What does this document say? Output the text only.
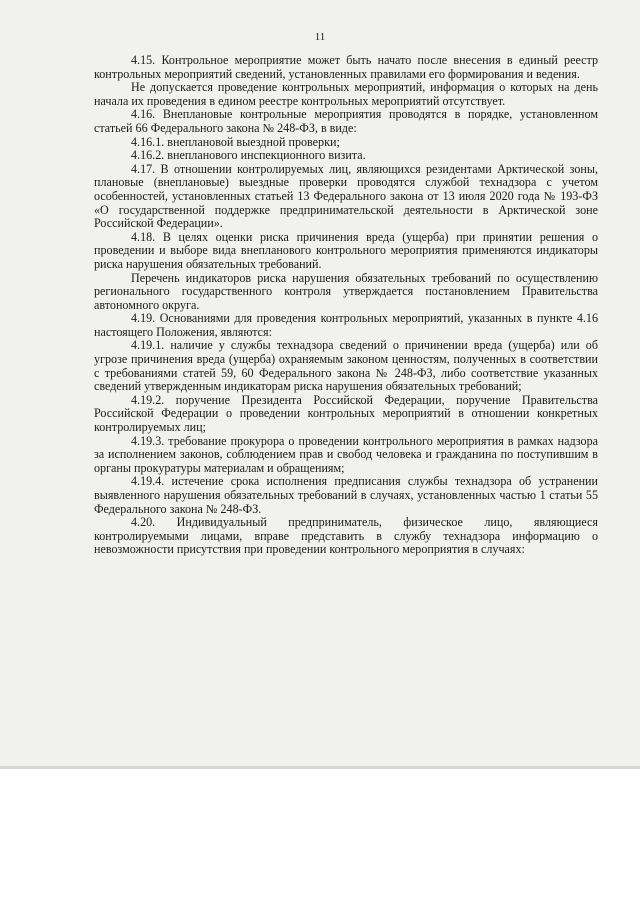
11

4.15. Контрольное мероприятие может быть начато после внесения в единый реестр контрольных мероприятий сведений, установленных правилами его формирования и ведения.

Не допускается проведение контрольных мероприятий, информация о которых на день начала их проведения в едином реестре контрольных мероприятий отсутствует.

4.16. Внеплановые контрольные мероприятия проводятся в порядке, установленном статьей 66 Федерального закона № 248-ФЗ, в виде:

4.16.1. внеплановой выездной проверки;

4.16.2. внепланового инспекционного визита.

4.17. В отношении контролируемых лиц, являющихся резидентами Арктической зоны, плановые (внеплановые) выездные проверки проводятся службой технадзора с учетом особенностей, установленных статьей 13 Федерального закона от 13 июля 2020 года № 193-ФЗ «О государственной поддержке предпринимательской деятельности в Арктической зоне Российской Федерации».

4.18. В целях оценки риска причинения вреда (ущерба) при принятии решения о проведении и выборе вида внепланового контрольного мероприятия применяются индикаторы риска нарушения обязательных требований.

Перечень индикаторов риска нарушения обязательных требований по осуществлению регионального государственного контроля утверждается постановлением Правительства автономного округа.

4.19. Основаниями для проведения контрольных мероприятий, указанных в пункте 4.16 настоящего Положения, являются:

4.19.1. наличие у службы технадзора сведений о причинении вреда (ущерба) или об угрозе причинения вреда (ущерба) охраняемым законом ценностям, полученных в соответствии с требованиями статей 59, 60 Федерального закона № 248-ФЗ, либо соответствие указанных сведений утвержденным индикаторам риска нарушения обязательных требований;

4.19.2. поручение Президента Российской Федерации, поручение Правительства Российской Федерации о проведении контрольных мероприятий в отношении конкретных контролируемых лиц;

4.19.3. требование прокурора о проведении контрольного мероприятия в рамках надзора за исполнением законов, соблюдением прав и свобод человека и гражданина по поступившим в органы прокуратуры материалам и обращениям;

4.19.4. истечение срока исполнения предписания службы технадзора об устранении выявленного нарушения обязательных требований в случаях, установленных частью 1 статьи 55 Федерального закона № 248-ФЗ.

4.20. Индивидуальный предприниматель, физическое лицо, являющиеся контролируемыми лицами, вправе представить в службу технадзора информацию о невозможности присутствия при проведении контрольного мероприятия в случаях:
